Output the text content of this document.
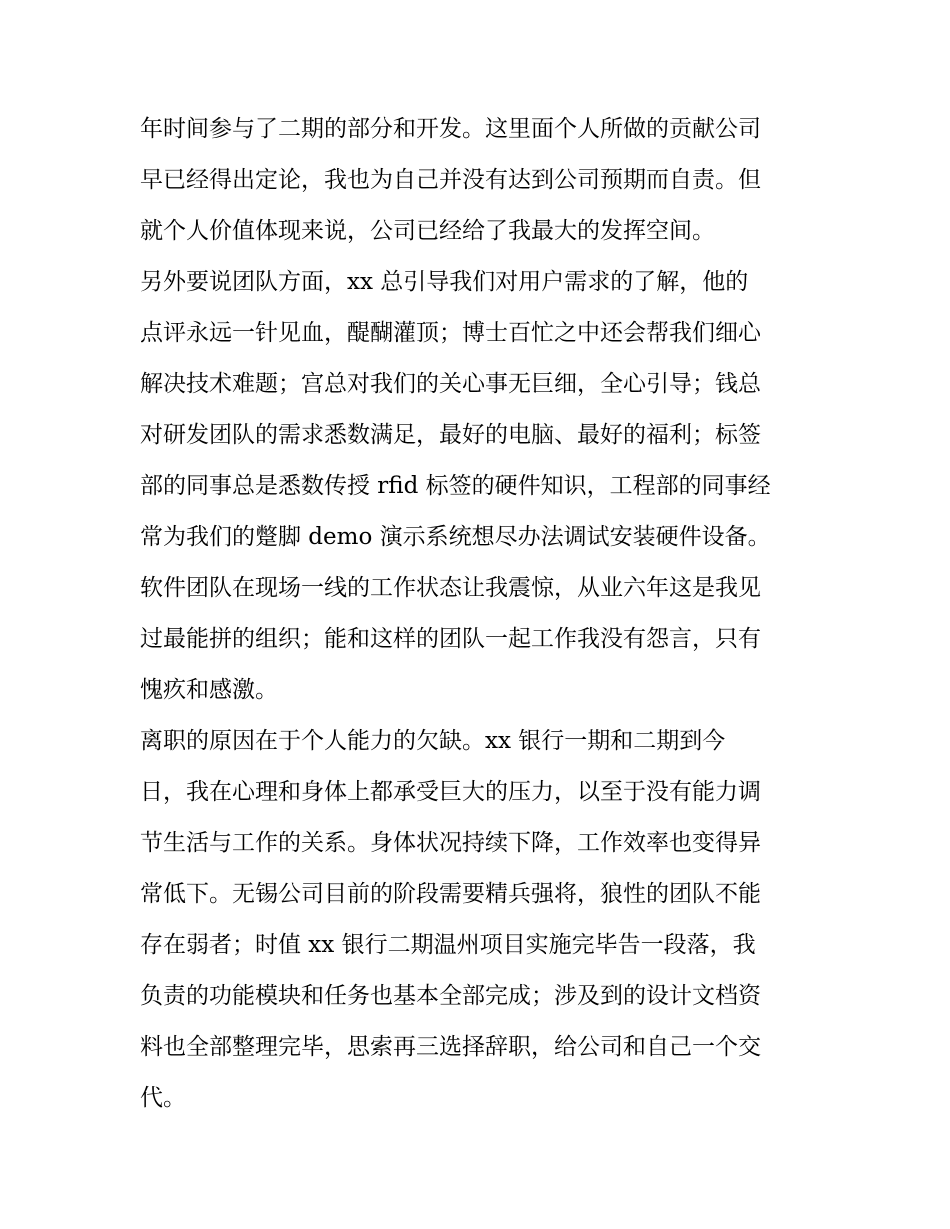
年时间参与了二期的部分和开发。这里面个人所做的贡献公司
早已经得出定论，我也为自己并没有达到公司预期而自责。但
就个人价值体现来说，公司已经给了我最大的发挥空间。
另外要说团队方面，xx 总引导我们对用户需求的了解，他的
点评永远一针见血，醍醐灌顶；博士百忙之中还会帮我们细心
解决技术难题；宫总对我们的关心事无巨细，全心引导；钱总
对研发团队的需求悉数满足，最好的电脑、最好的福利；标签
部的同事总是悉数传授 rfid 标签的硬件知识，工程部的同事经
常为我们的蹩脚 demo 演示系统想尽办法调试安装硬件设备。
软件团队在现场一线的工作状态让我震惊，从业六年这是我见
过最能拼的组织；能和这样的团队一起工作我没有怨言，只有
愧疚和感激。
离职的原因在于个人能力的欠缺。xx 银行一期和二期到今
日，我在心理和身体上都承受巨大的压力，以至于没有能力调
节生活与工作的关系。身体状况持续下降，工作效率也变得异
常低下。无锡公司目前的阶段需要精兵强将，狼性的团队不能
存在弱者；时值 xx 银行二期温州项目实施完毕告一段落，我
负责的功能模块和任务也基本全部完成；涉及到的设计文档资
料也全部整理完毕，思索再三选择辞职，给公司和自己一个交
代。
